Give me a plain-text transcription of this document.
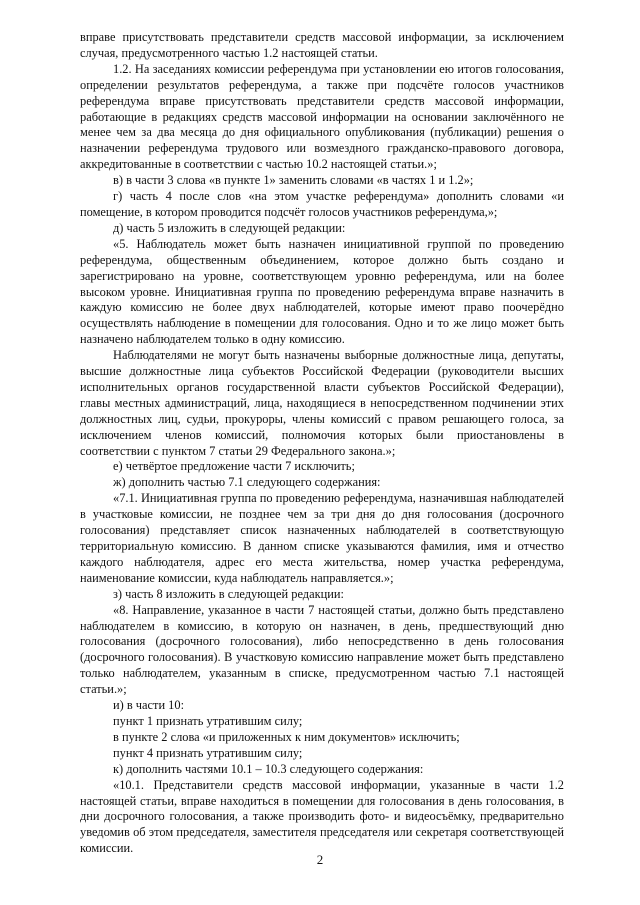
вправе присутствовать представители средств массовой информации, за исключением случая, предусмотренного частью 1.2 настоящей статьи.

1.2. На заседаниях комиссии референдума при установлении ею итогов голосования, определении результатов референдума, а также при подсчёте голосов участников референдума вправе присутствовать представители средств массовой информации, работающие в редакциях средств массовой информации на основании заключённого не менее чем за два месяца до дня официального опубликования (публикации) решения о назначении референдума трудового или возмездного гражданско-правового договора, аккредитованные в соответствии с частью 10.2 настоящей статьи.»;

в) в части 3 слова «в пункте 1» заменить словами «в частях 1 и 1.2»;

г) часть 4 после слов «на этом участке референдума» дополнить словами «и помещение, в котором проводится подсчёт голосов участников референдума,»;

д) часть 5 изложить в следующей редакции:

«5. Наблюдатель может быть назначен инициативной группой по проведению референдума, общественным объединением, которое должно быть создано и зарегистрировано на уровне, соответствующем уровню референдума, или на более высоком уровне. Инициативная группа по проведению референдума вправе назначить в каждую комиссию не более двух наблюдателей, которые имеют право поочерёдно осуществлять наблюдение в помещении для голосования. Одно и то же лицо может быть назначено наблюдателем только в одну комиссию.

Наблюдателями не могут быть назначены выборные должностные лица, депутаты, высшие должностные лица субъектов Российской Федерации (руководители высших исполнительных органов государственной власти субъектов Российской Федерации), главы местных администраций, лица, находящиеся в непосредственном подчинении этих должностных лиц, судьи, прокуроры, члены комиссий с правом решающего голоса, за исключением членов комиссий, полномочия которых были приостановлены в соответствии с пунктом 7 статьи 29 Федерального закона.»;

е) четвёртое предложение части 7 исключить;

ж) дополнить частью 7.1 следующего содержания:

«7.1. Инициативная группа по проведению референдума, назначившая наблюдателей в участковые комиссии, не позднее чем за три дня до дня голосования (досрочного голосования) представляет список назначенных наблюдателей в соответствующую территориальную комиссию. В данном списке указываются фамилия, имя и отчество каждого наблюдателя, адрес его места жительства, номер участка референдума, наименование комиссии, куда наблюдатель направляется.»;

з) часть 8 изложить в следующей редакции:

«8. Направление, указанное в части 7 настоящей статьи, должно быть представлено наблюдателем в комиссию, в которую он назначен, в день, предшествующий дню голосования (досрочного голосования), либо непосредственно в день голосования (досрочного голосования). В участковую комиссию направление может быть представлено только наблюдателем, указанным в списке, предусмотренном частью 7.1 настоящей статьи.»;

и) в части 10:

пункт 1 признать утратившим силу;

в пункте 2 слова «и приложенных к ним документов» исключить;

пункт 4 признать утратившим силу;

к) дополнить частями 10.1 – 10.3 следующего содержания:

«10.1. Представители средств массовой информации, указанные в части 1.2 настоящей статьи, вправе находиться в помещении для голосования в день голосования, в дни досрочного голосования, а также производить фото- и видеосъёмку, предварительно уведомив об этом председателя, заместителя председателя или секретаря соответствующей комиссии.

2
